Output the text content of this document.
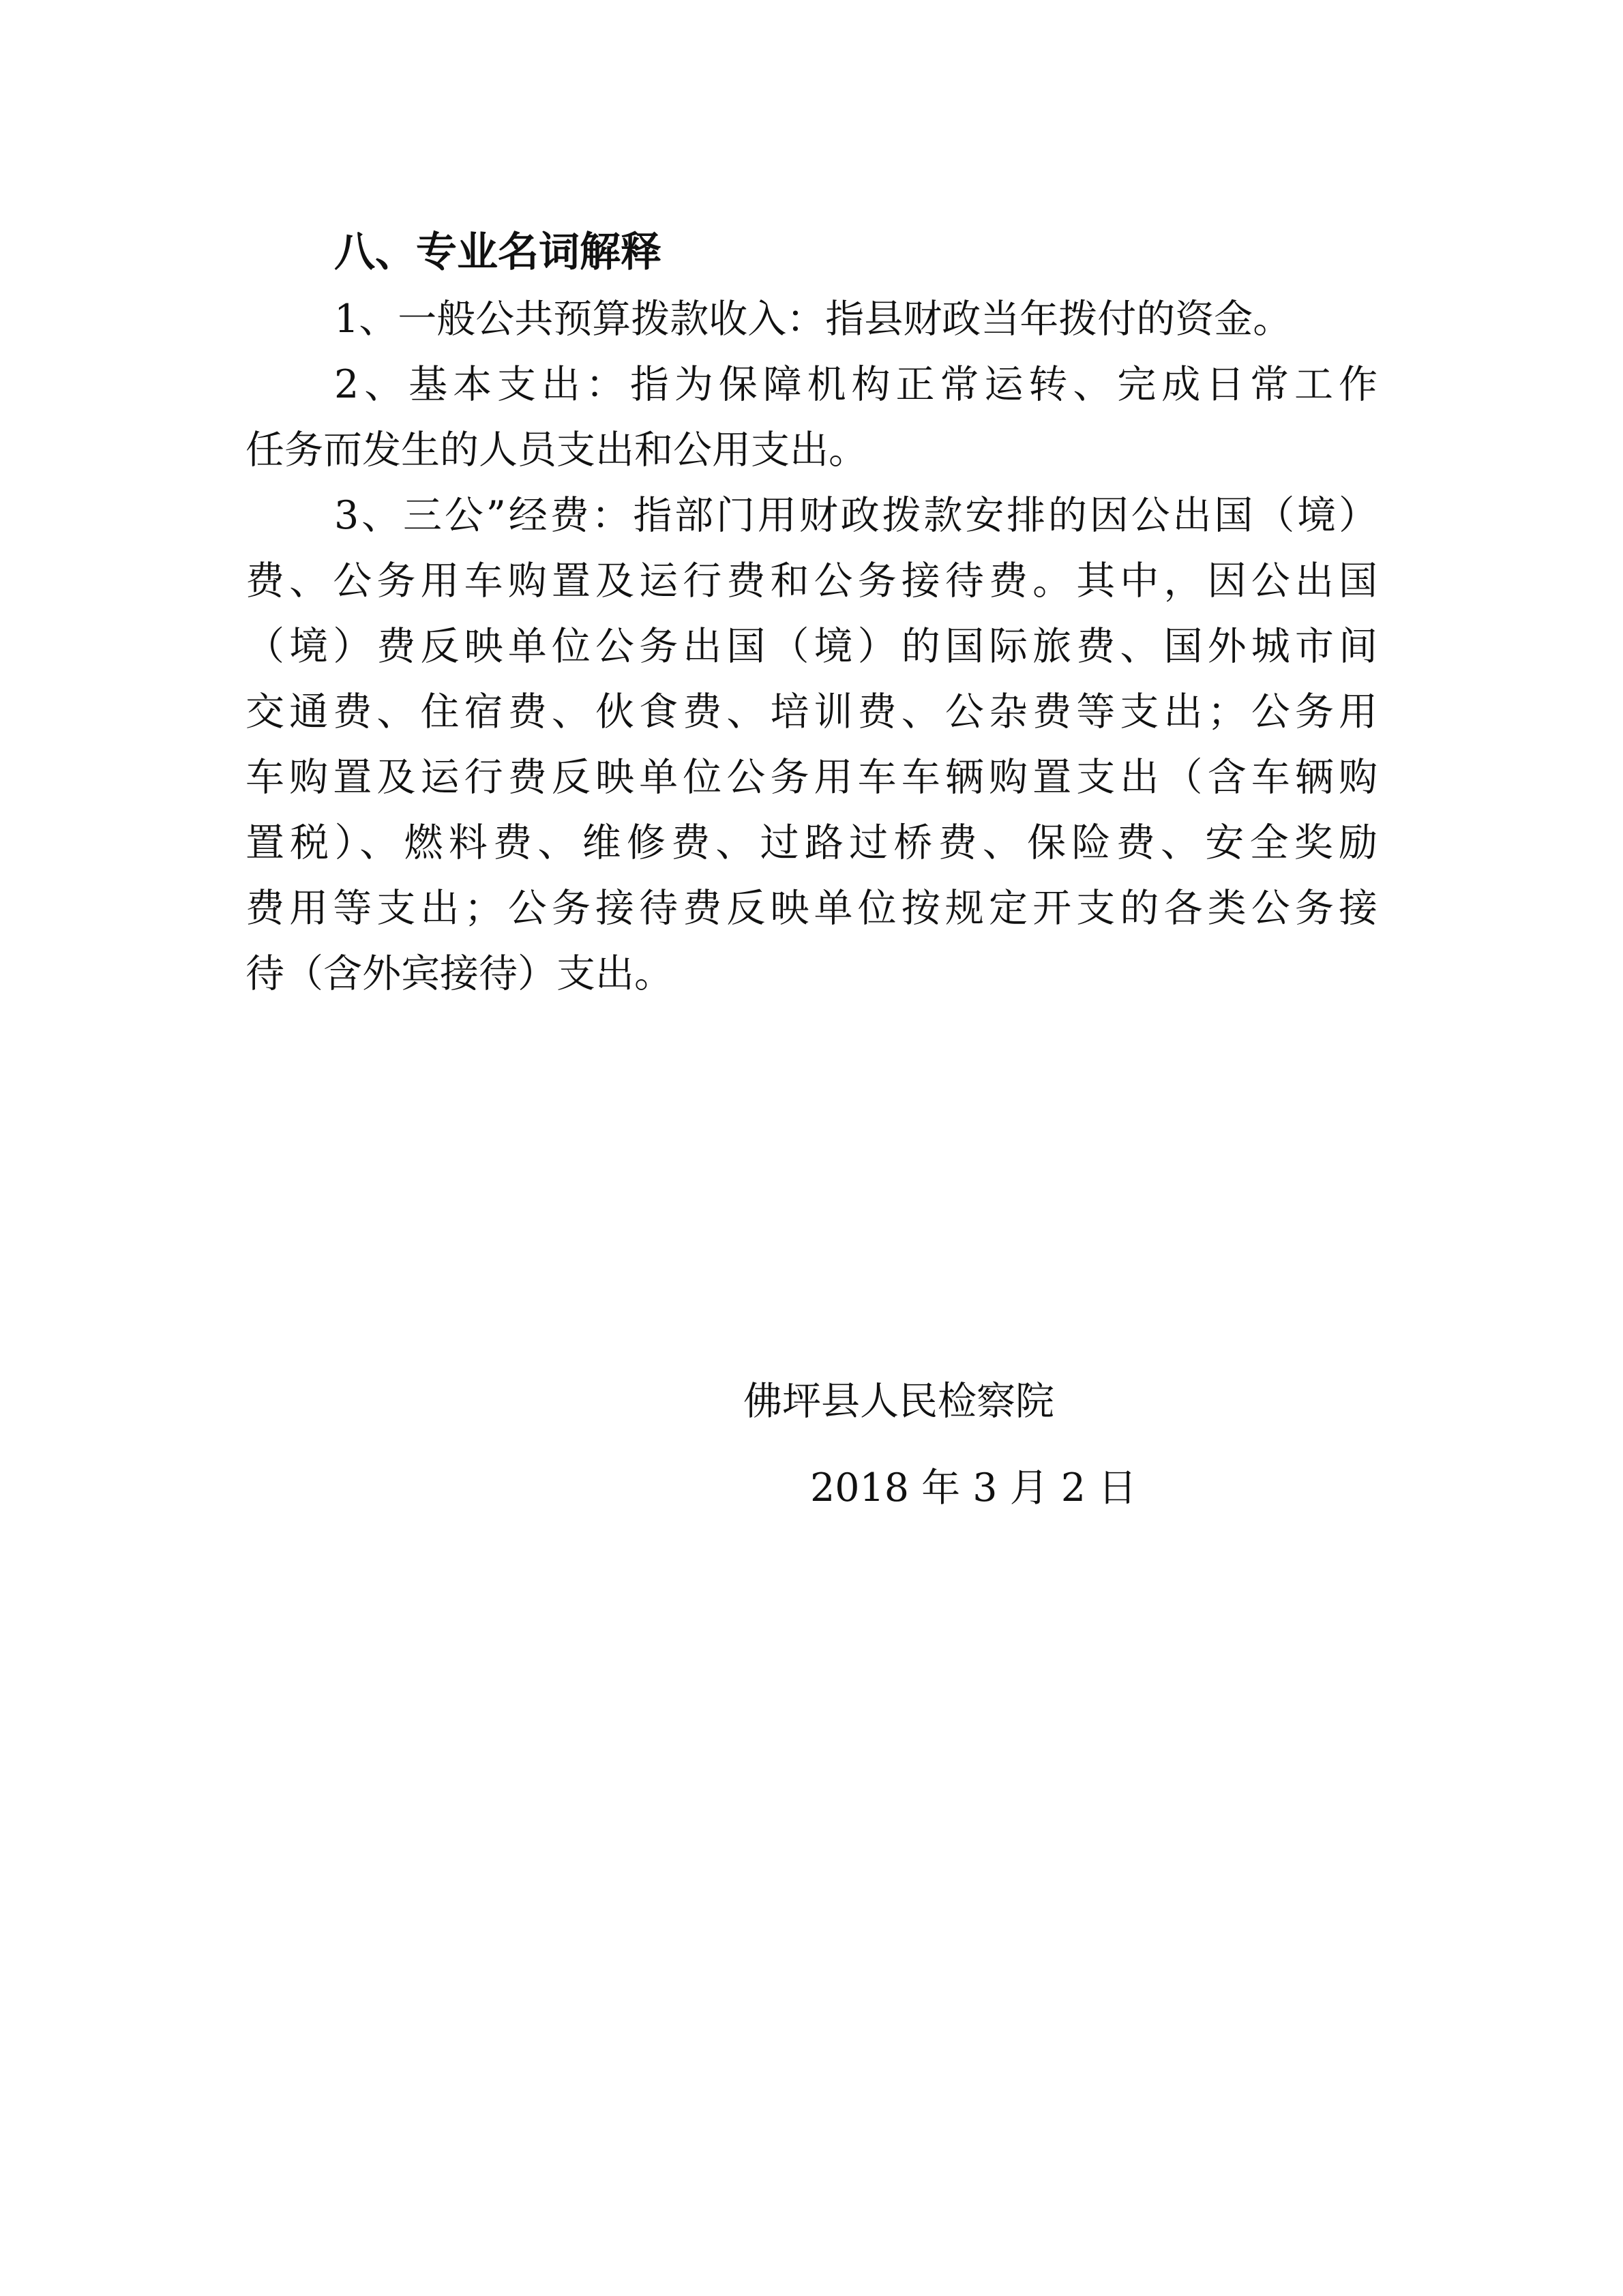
八、专业名词解释

1、一般公共预算拨款收入：指县财政当年拨付的资金。

2、基本支出：指为保障机构正常运转、完成日常工作
任务而发生的人员支出和公用支出。

3、三公”经费：指部门用财政拨款安排的因公出国（境）
费、公务用车购置及运行费和公务接待费。其中，因公出国
（境）费反映单位公务出国（境）的国际旅费、国外城市间
交通费、住宿费、伙食费、培训费、公杂费等支出；公务用
车购置及运行费反映单位公务用车车辆购置支出（含车辆购
置税）、燃料费、维修费、过路过桥费、保险费、安全奖励
费用等支出；公务接待费反映单位按规定开支的各类公务接
待（含外宾接待）支出。

佛坪县人民检察院
2018 年 3 月 2 日
